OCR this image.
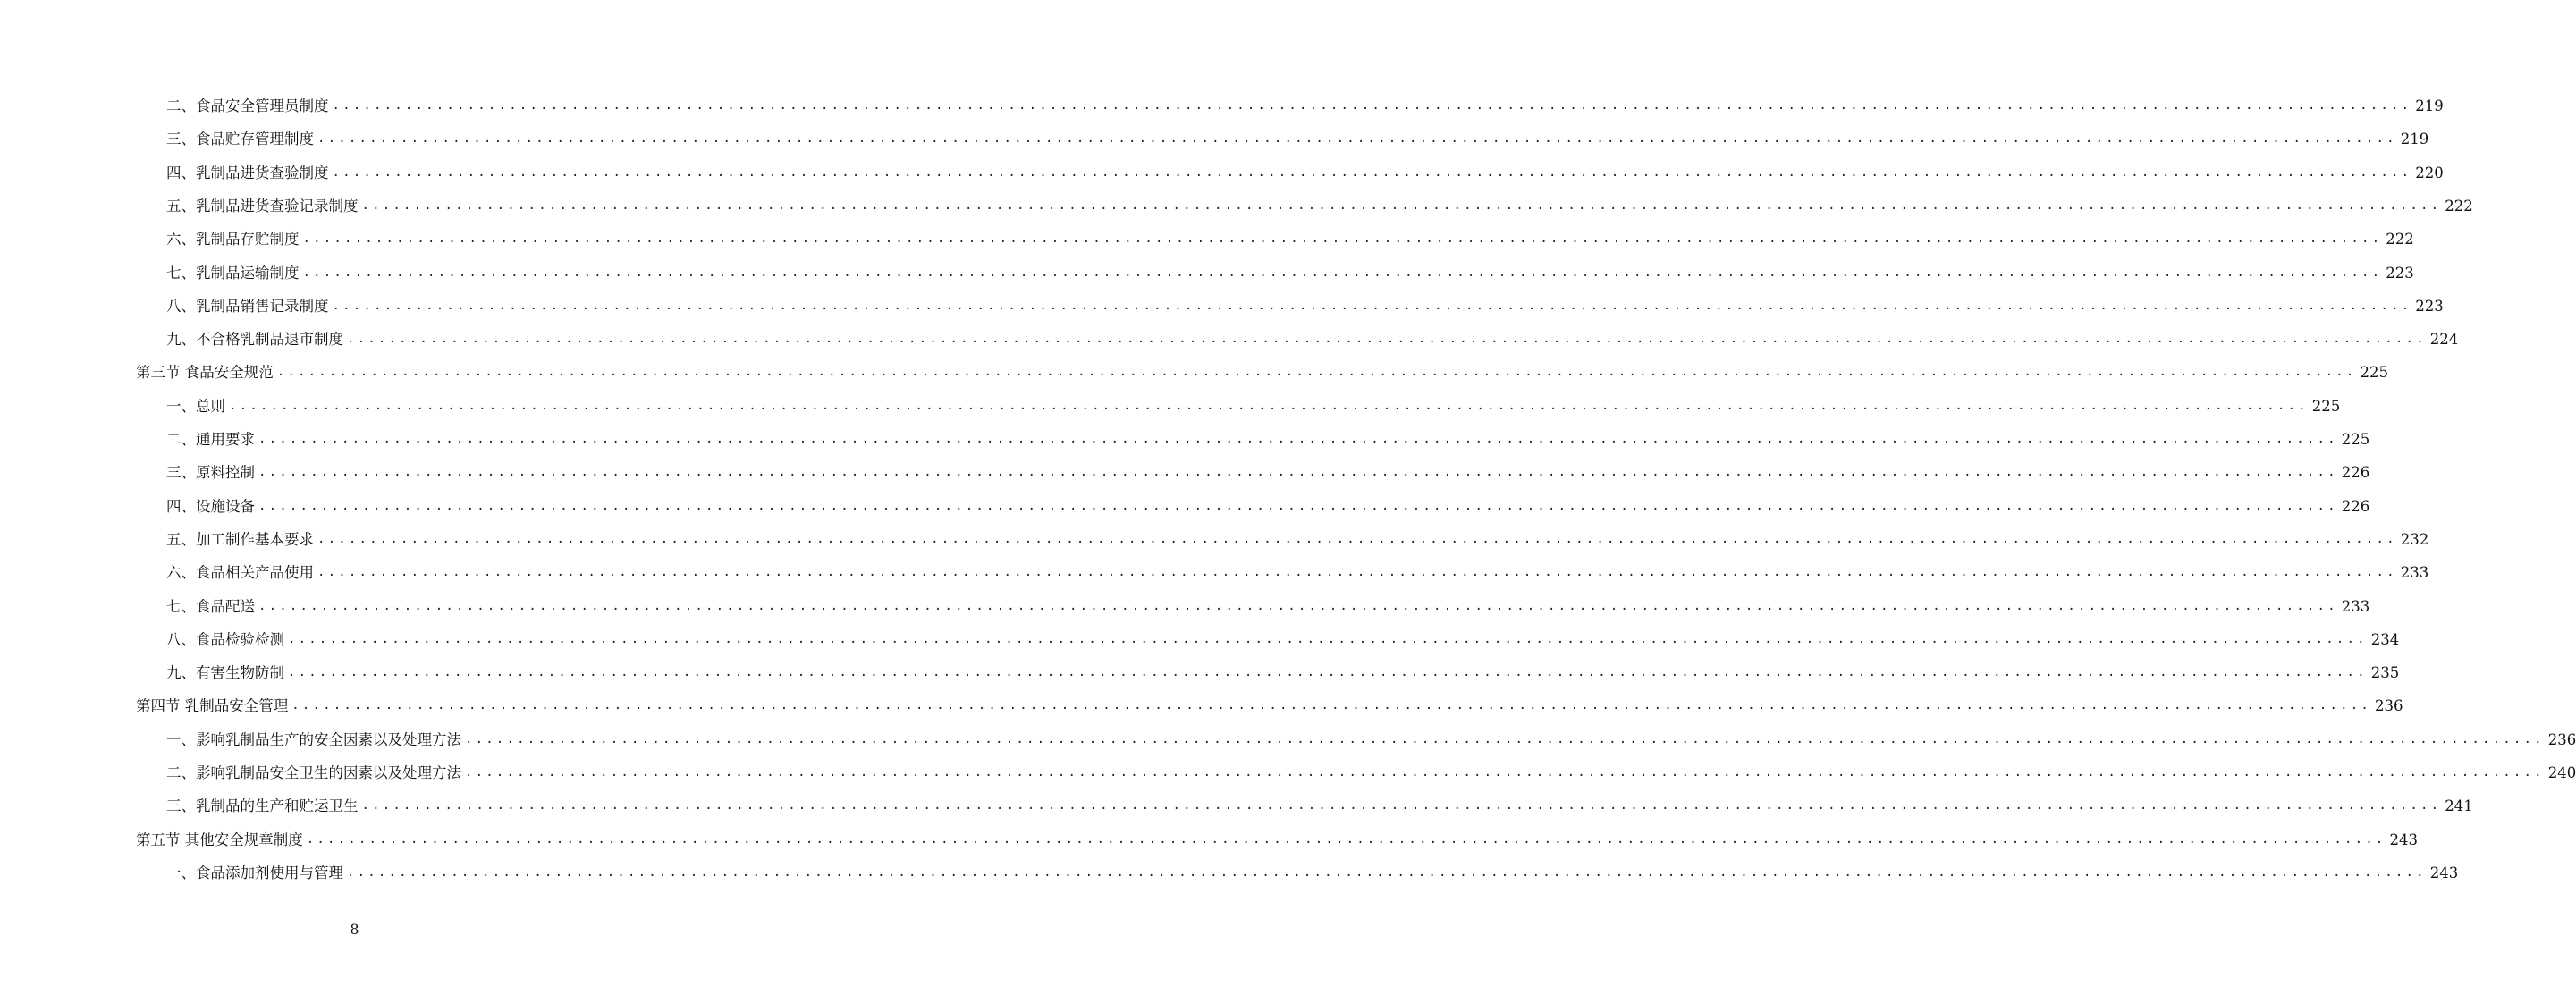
二、食品安全管理员制度 ........................................................................................................................................................................................................ 219
三、食品贮存管理制度 ........................................................................................................................................................................................................ 219
四、乳制品进货查验制度 ........................................................................................................................................................................................................ 220
五、乳制品进货查验记录制度 ........................................................................................................................................................................................................ 222
六、乳制品存贮制度 ........................................................................................................................................................................................................ 222
七、乳制品运输制度 ........................................................................................................................................................................................................ 223
八、乳制品销售记录制度 ........................................................................................................................................................................................................ 223
九、不合格乳制品退市制度 ........................................................................................................................................................................................................ 224
第三节 食品安全规范 ........................................................................................................................................................................................................ 225
一、总则 ........................................................................................................................................................................................................ 225
二、通用要求 ........................................................................................................................................................................................................ 225
三、原料控制 ........................................................................................................................................................................................................ 226
四、设施设备 ........................................................................................................................................................................................................ 226
五、加工制作基本要求 ........................................................................................................................................................................................................ 232
六、食品相关产品使用 ........................................................................................................................................................................................................ 233
七、食品配送 ........................................................................................................................................................................................................ 233
八、食品检验检测 ........................................................................................................................................................................................................ 234
九、有害生物防制 ........................................................................................................................................................................................................ 235
第四节 乳制品安全管理 ........................................................................................................................................................................................................ 236
一、影响乳制品生产的安全因素以及处理方法 ........................................................................................................................................................................................................ 236
二、影响乳制品安全卫生的因素以及处理方法 ........................................................................................................................................................................................................ 240
三、乳制品的生产和贮运卫生 ........................................................................................................................................................................................................ 241
第五节 其他安全规章制度 ........................................................................................................................................................................................................ 243
一、食品添加剂使用与管理 ........................................................................................................................................................................................................ 243
8
